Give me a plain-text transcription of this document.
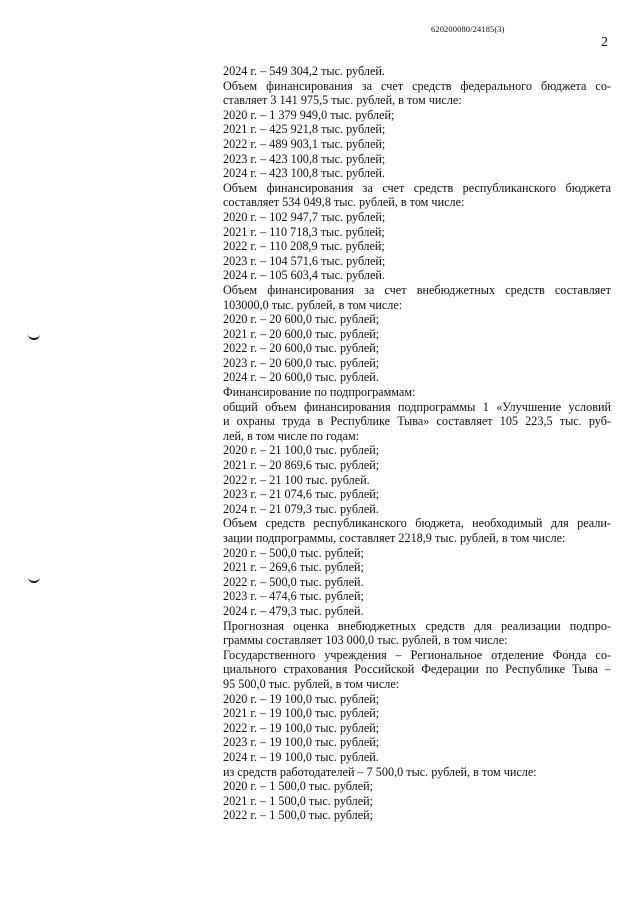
620200080/24185(3)
2
2024 г. – 549 304,2 тыс. рублей.
Объем финансирования за счет средств федерального бюджета со-
ставляет 3 141 975,5 тыс. рублей, в том числе:
2020 г. – 1 379 949,0 тыс. рублей;
2021 г. – 425 921,8 тыс. рублей;
2022 г. – 489 903,1 тыс. рублей;
2023 г. – 423 100,8 тыс. рублей;
2024 г. – 423 100,8 тыс. рублей.
Объем финансирования за счет средств республиканского бюджета
составляет 534 049,8 тыс. рублей, в том числе:
2020 г. – 102 947,7 тыс. рублей;
2021 г. – 110 718,3 тыс. рублей;
2022 г. – 110 208,9 тыс. рублей;
2023 г. – 104 571,6 тыс. рублей;
2024 г. – 105 603,4 тыс. рублей.
Объем финансирования за счет внебюджетных средств составляет
103000,0 тыс. рублей, в том числе:
2020 г. – 20 600,0 тыс. рублей;
2021 г. – 20 600,0 тыс. рублей;
2022 г. – 20 600,0 тыс. рублей;
2023 г. – 20 600,0 тыс. рублей;
2024 г. – 20 600,0 тыс. рублей.
Финансирование по подпрограммам:
общий объем финансирования подпрограммы 1 «Улучшение условий
и охраны труда в Республике Тыва» составляет 105 223,5 тыс. руб-
лей, в том числе по годам:
2020 г. – 21 100,0 тыс. рублей;
2021 г. – 20 869,6 тыс. рублей;
2022 г. – 21 100 тыс. рублей.
2023 г. – 21 074,6 тыс. рублей;
2024 г. – 21 079,3 тыс. рублей.
Объем средств республиканского бюджета, необходимый для реали-
зации подпрограммы, составляет 2218,9 тыс. рублей, в том числе:
2020 г. – 500,0 тыс. рублей;
2021 г. – 269,6 тыс. рублей;
2022 г. – 500,0 тыс. рублей.
2023 г. – 474,6 тыс. рублей;
2024 г. – 479,3 тыс. рублей.
Прогнозная оценка внебюджетных средств для реализации подпро-
граммы составляет 103 000,0 тыс. рублей, в том числе:
Государственного учреждения – Региональное отделение Фонда со-
циального страхования Российской Федерации по Республике Тыва –
95 500,0 тыс. рублей, в том числе:
2020 г. – 19 100,0 тыс. рублей;
2021 г. – 19 100,0 тыс. рублей;
2022 г. – 19 100,0 тыс. рублей;
2023 г. – 19 100,0 тыс. рублей;
2024 г. – 19 100,0 тыс. рублей.
из средств работодателей – 7 500,0 тыс. рублей, в том числе:
2020 г. – 1 500,0 тыс. рублей;
2021 г. – 1 500,0 тыс. рублей;
2022 г. – 1 500,0 тыс. рублей;
